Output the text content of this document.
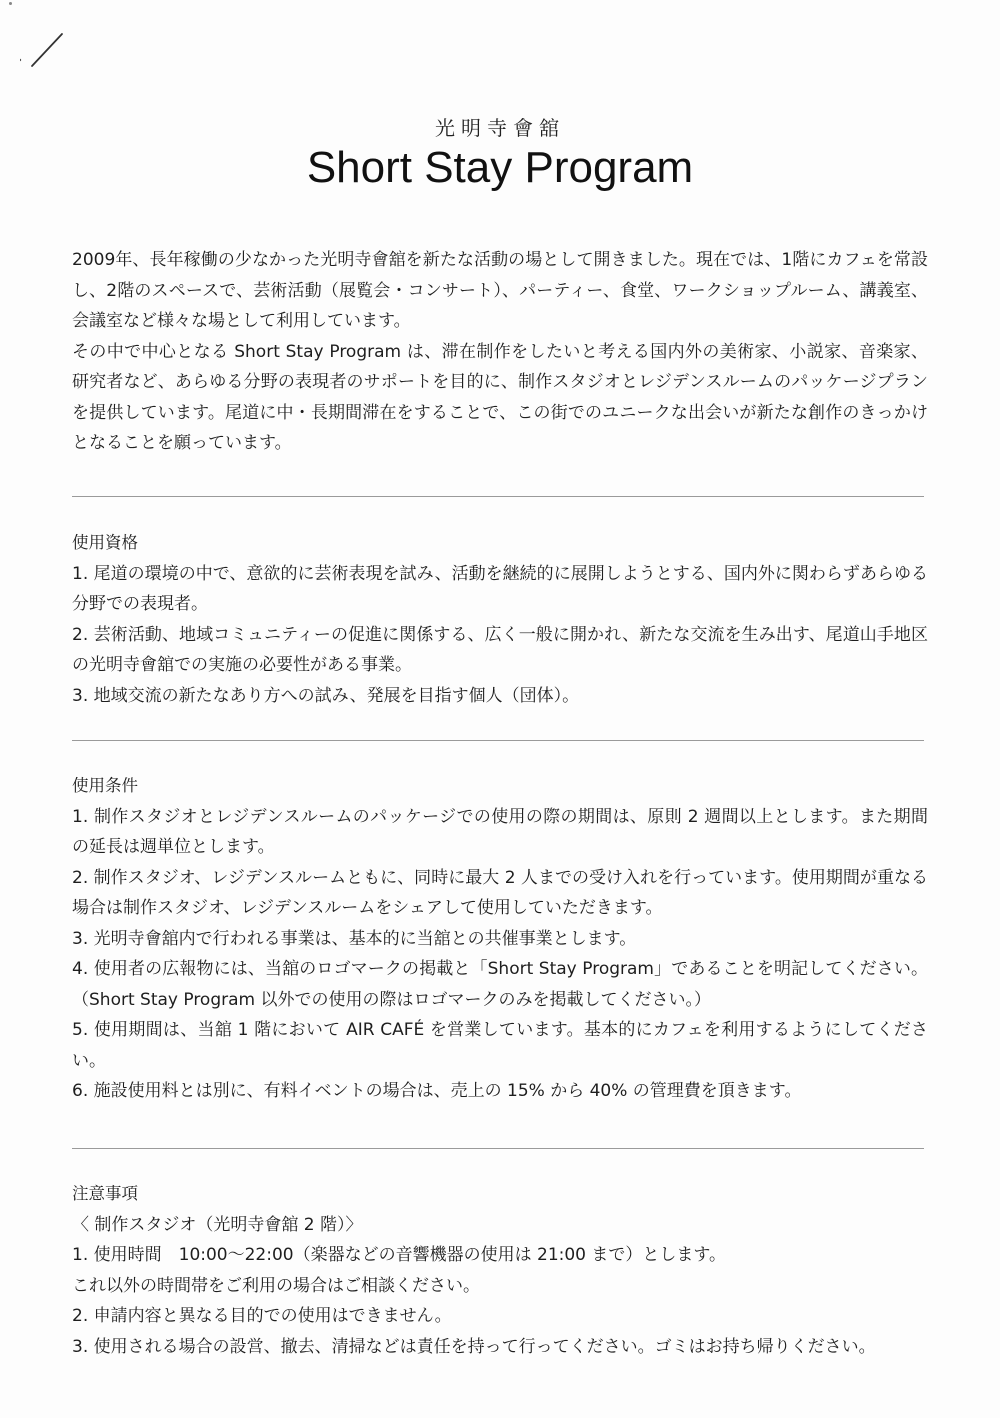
光明寺會舘
Short Stay Program

2009年、長年稼働の少なかった光明寺會舘を新たな活動の場として開きました。現在では、1階にカフェを常設し、2階のスペースで、芸術活動（展覧会・コンサート）、パーティー、食堂、ワークショップルーム、講義室、会議室など様々な場として利用しています。

その中で中心となる Short Stay Program は、滞在制作をしたいと考える国内外の美術家、小説家、音楽家、研究者など、あらゆる分野の表現者のサポートを目的に、制作スタジオとレジデンスルームのパッケージプランを提供しています。尾道に中・長期間滞在をすることで、この街でのユニークな出会いが新たな創作のきっかけとなることを願っています。

使用資格

1. 尾道の環境の中で、意欲的に芸術表現を試み、活動を継続的に展開しようとする、国内外に関わらずあらゆる分野での表現者。

2. 芸術活動、地域コミュニティーの促進に関係する、広く一般に開かれ、新たな交流を生み出す、尾道山手地区の光明寺會舘での実施の必要性がある事業。

3. 地域交流の新たなあり方への試み、発展を目指す個人（団体）。

使用条件

1. 制作スタジオとレジデンスルームのパッケージでの使用の際の期間は、原則 2 週間以上とします。また期間の延長は週単位とします。

2. 制作スタジオ、レジデンスルームともに、同時に最大 2 人までの受け入れを行っています。使用期間が重なる場合は制作スタジオ、レジデンスルームをシェアして使用していただきます。

3. 光明寺會舘内で行われる事業は、基本的に当舘との共催事業とします。

4. 使用者の広報物には、当舘のロゴマークの掲載と「Short Stay Program」であることを明記してください。（Short Stay Program 以外での使用の際はロゴマークのみを掲載してください。）

5. 使用期間は、当舘 1 階において AIR CAFÉ を営業しています。基本的にカフェを利用するようにしてください。

6. 施設使用料とは別に、有料イベントの場合は、売上の 15% から 40% の管理費を頂きます。

注意事項

〈 制作スタジオ（光明寺會舘 2 階）〉

1. 使用時間　10:00〜22:00（楽器などの音響機器の使用は 21:00 まで）とします。

これ以外の時間帯をご利用の場合はご相談ください。

2. 申請内容と異なる目的での使用はできません。

3. 使用される場合の設営、撤去、清掃などは責任を持って行ってください。ゴミはお持ち帰りください。
